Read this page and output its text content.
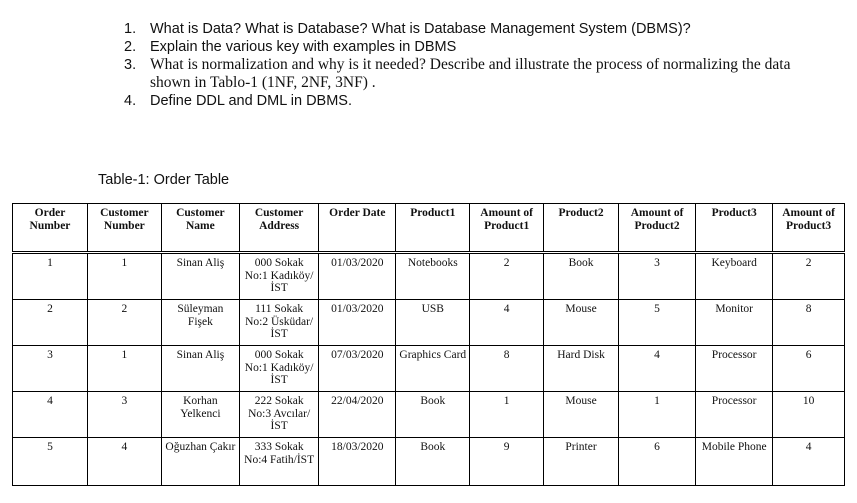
1. What is Data? What is Database? What is Database Management System (DBMS)?
2. Explain the various key with examples in DBMS
3. What is normalization and why is it needed? Describe and illustrate the process of normalizing the data shown in Tablo-1 (1NF, 2NF, 3NF) .
4. Define DDL and DML in DBMS.
Table-1: Order Table
Order Number	Customer Number	Customer Name	Customer Address	Order Date	Product1	Amount of Product1	Product2	Amount of Product2	Product3	Amount of Product3
1	1	Sinan Aliş	000 Sokak No:1 Kadıköy/İST	01/03/2020	Notebooks	2	Book	3	Keyboard	2
2	2	Süleyman Fişek	111 Sokak No:2 Üsküdar/İST	01/03/2020	USB	4	Mouse	5	Monitor	8
3	1	Sinan Aliş	000 Sokak No:1 Kadıköy/İST	07/03/2020	Graphics Card	8	Hard Disk	4	Processor	6
4	3	Korhan Yelkenci	222 Sokak No:3 Avcılar/İST	22/04/2020	Book	1	Mouse	1	Processor	10
5	4	Oğuzhan Çakır	333 Sokak No:4 Fatih/İST	18/03/2020	Book	9	Printer	6	Mobile Phone	4
